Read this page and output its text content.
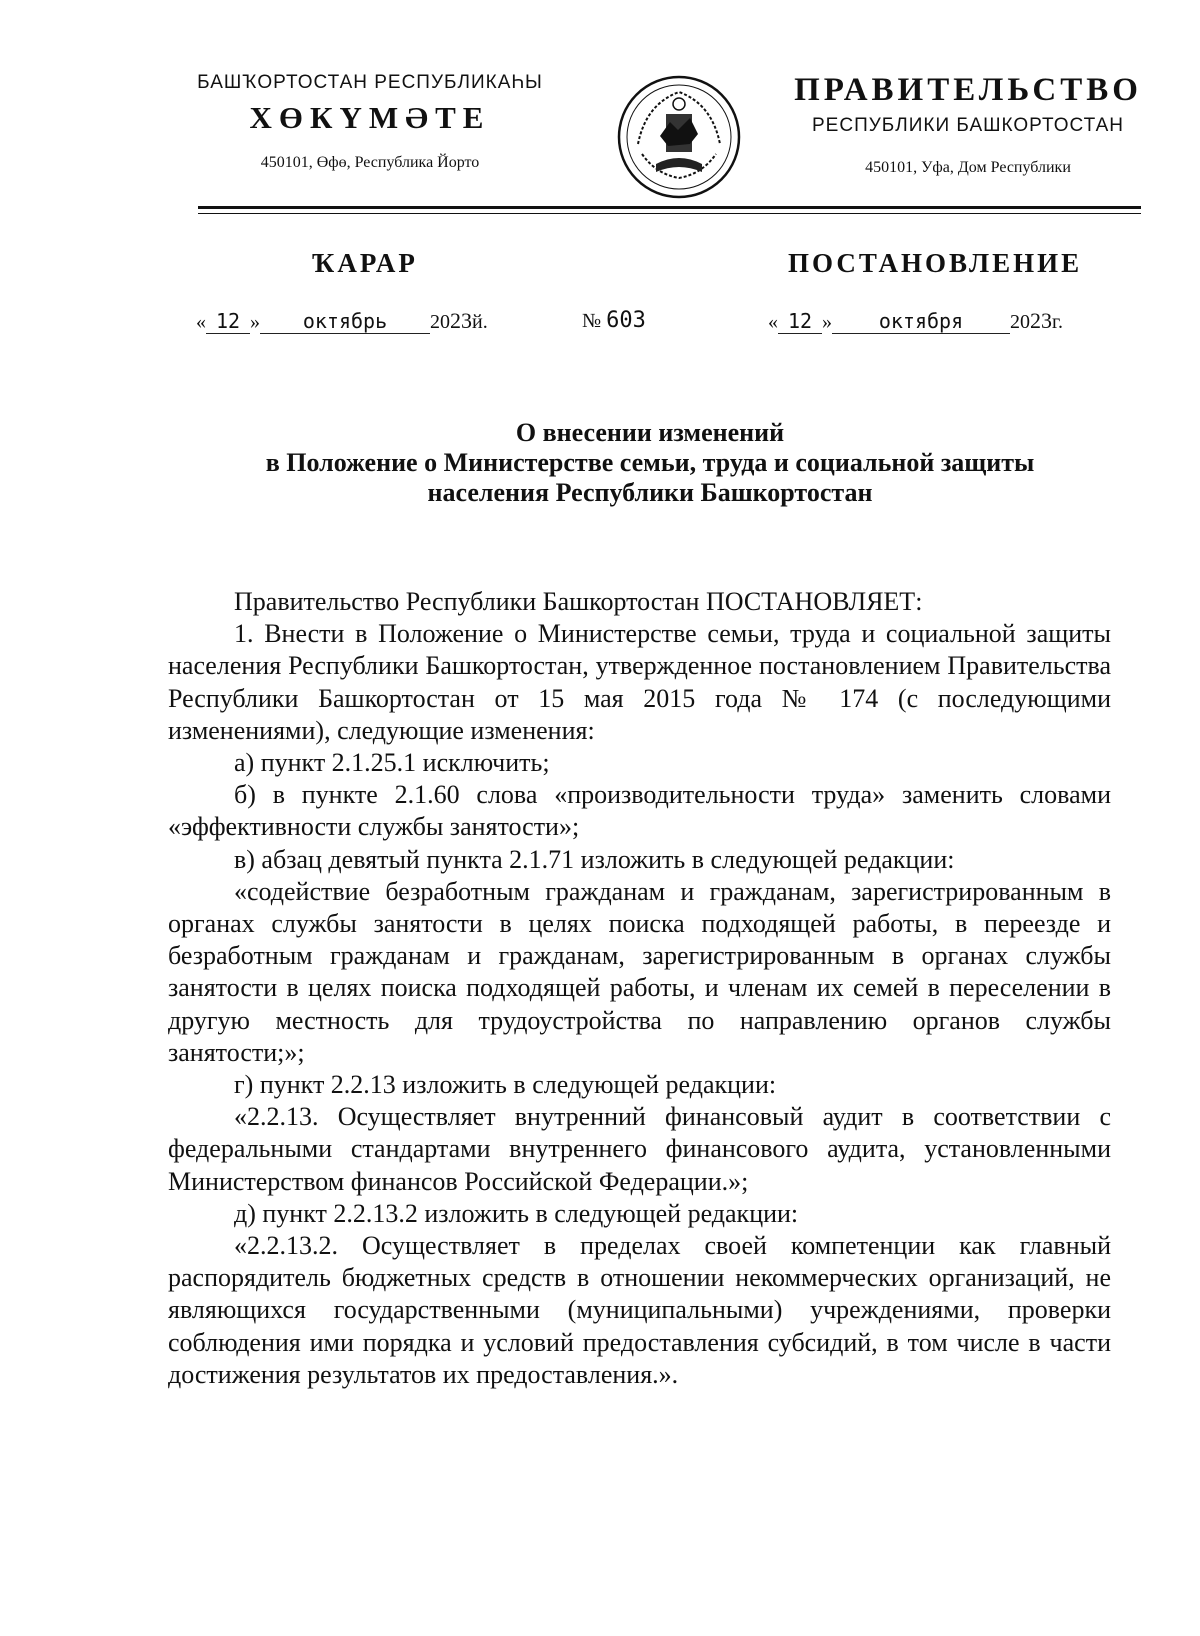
БАШҠОРТОСТАН РЕСПУБЛИКАҺЫ
ХӨКҮМӘТЕ
450101, Өфө, Республика Йорто
ПРАВИТЕЛЬСТВО
РЕСПУБЛИКИ БАШКОРТОСТАН
450101, Уфа, Дом Республики
ҠАРАР	ПОСТАНОВЛЕНИЕ
« 12 » октябрь 2023й.	№ 603	« 12 » октября 2023г.
О внесении изменений
в Положение о Министерстве семьи, труда и социальной защиты
населения Республики Башкортостан

Правительство Республики Башкортостан ПОСТАНОВЛЯЕТ:

1. Внести в Положение о Министерстве семьи, труда и социальной защиты населения Республики Башкортостан, утвержденное постановлением Правительства Республики Башкортостан от 15 мая 2015 года № 174 (с последующими изменениями), следующие изменения:

а) пункт 2.1.25.1 исключить;

б) в пункте 2.1.60 слова «производительности труда» заменить словами «эффективности службы занятости»;

в) абзац девятый пункта 2.1.71 изложить в следующей редакции:

«содействие безработным гражданам и гражданам, зарегистрированным в органах службы занятости в целях поиска подходящей работы, в переезде и безработным гражданам и гражданам, зарегистрированным в органах службы занятости в целях поиска подходящей работы, и членам их семей в переселении в другую местность для трудоустройства по направлению органов службы занятости;»;

г) пункт 2.2.13 изложить в следующей редакции:

«2.2.13. Осуществляет внутренний финансовый аудит в соответствии с федеральными стандартами внутреннего финансового аудита, установленными Министерством финансов Российской Федерации.»;

д) пункт 2.2.13.2 изложить в следующей редакции:

«2.2.13.2. Осуществляет в пределах своей компетенции как главный распорядитель бюджетных средств в отношении некоммерческих организаций, не являющихся государственными (муниципальными) учреждениями, проверки соблюдения ими порядка и условий предоставления субсидий, в том числе в части достижения результатов их предоставления.».
